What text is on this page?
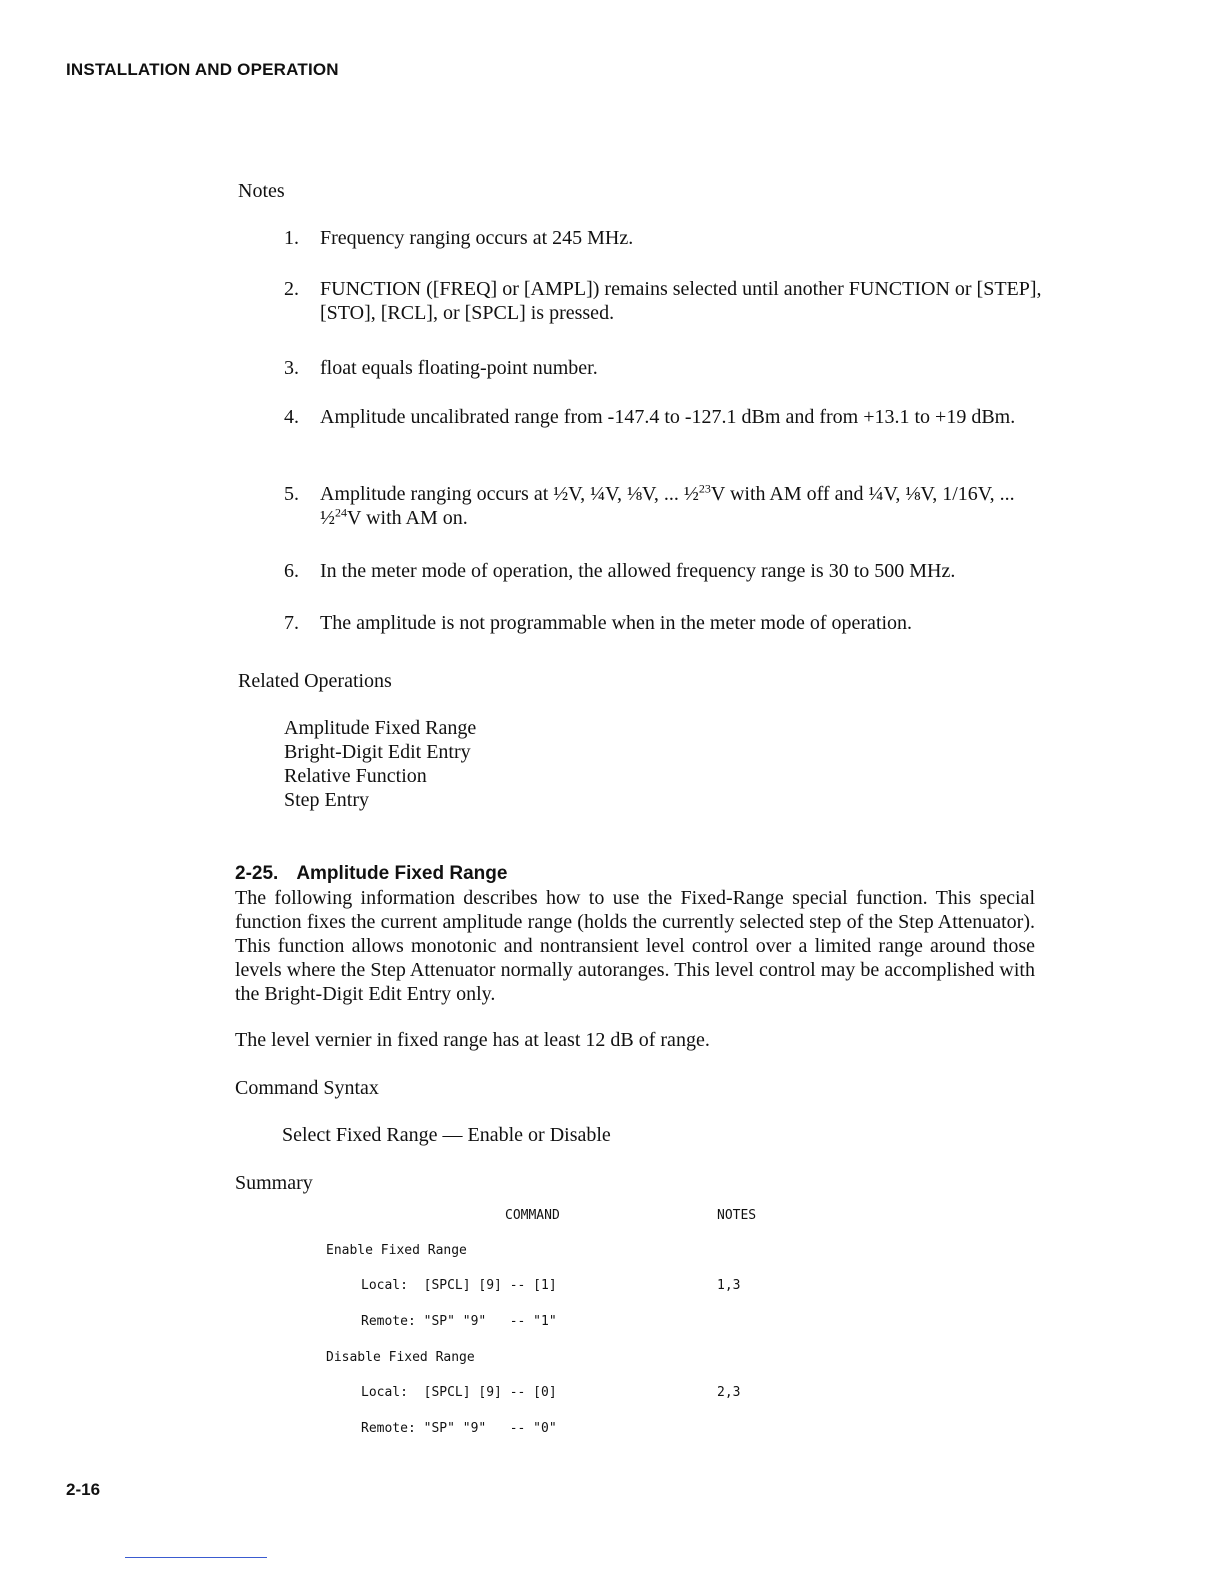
INSTALLATION AND OPERATION
Notes
1.	Frequency ranging occurs at 245 MHz.
2.	FUNCTION ([FREQ] or [AMPL]) remains selected until another FUNCTION or [STEP], [STO], [RCL], or [SPCL] is pressed.
3.	float equals floating-point number.
4.	Amplitude uncalibrated range from -147.4 to -127.1 dBm and from +13.1 to +19 dBm.
5.	Amplitude ranging occurs at ½V, ¼V, ⅛V, ... ½$^{23}$V with AM off and ¼V, ⅛V, 1/16V, ... ½$^{24}$V with AM on.
6.	In the meter mode of operation, the allowed frequency range is 30 to 500 MHz.
7.	The amplitude is not programmable when in the meter mode of operation.
Related Operations
Amplitude Fixed Range
Bright-Digit Edit Entry
Relative Function
Step Entry
2-25. Amplitude Fixed Range
The following information describes how to use the Fixed-Range special function. This special function fixes the current amplitude range (holds the currently selected step of the Step Attenuator). This function allows monotonic and nontransient level control over a limited range around those levels where the Step Attenuator normally autoranges. This level control may be accomplished with the Bright-Digit Edit Entry only.
The level vernier in fixed range has at least 12 dB of range.
Command Syntax
Select Fixed Range — Enable or Disable
Summary
COMMAND	NOTES
Enable Fixed Range
Local:  [SPCL] [9] -- [1]	1,3
Remote: "SP" "9"   -- "1"
Disable Fixed Range
Local:  [SPCL] [9] -- [0]	2,3
Remote: "SP" "9"   -- "0"
2-16
